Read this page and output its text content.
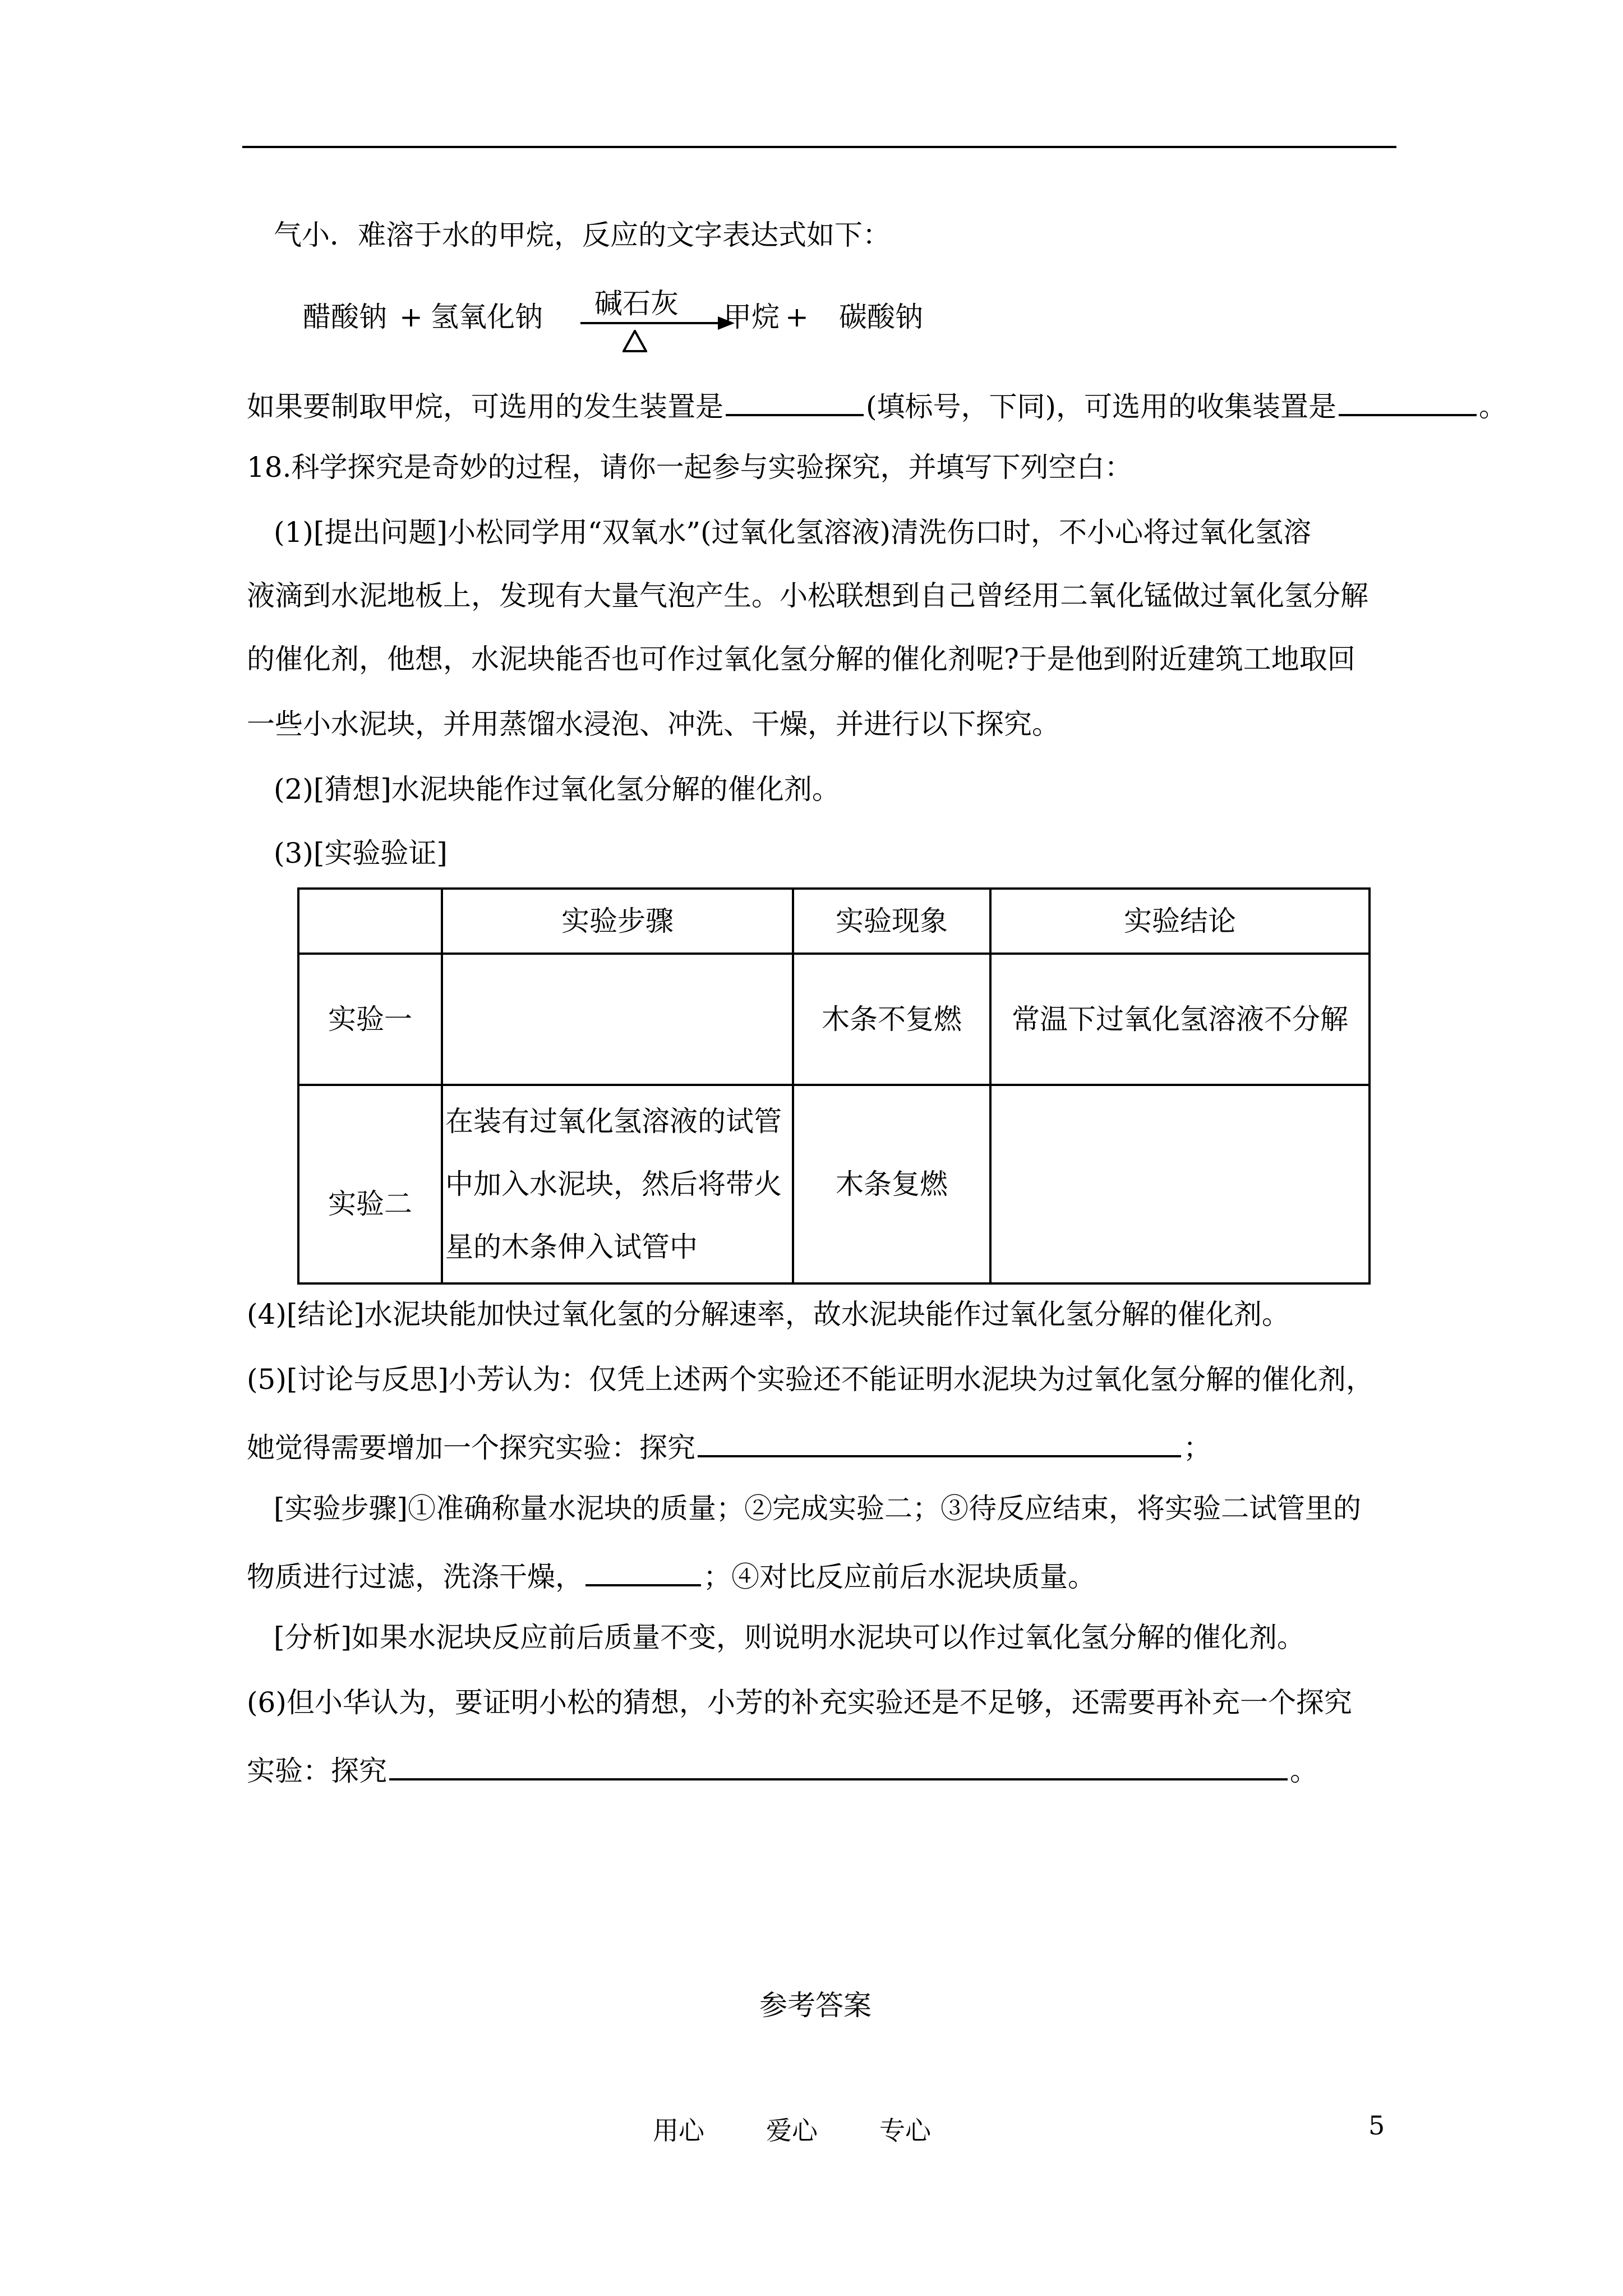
气小．难溶于水的甲烷，反应的文字表达式如下：
醋酸钠 + 氢氧化钠 碱石灰 甲烷 + 碳酸钠
如果要制取甲烷，可选用的发生装置是	(填标号，下同)，可选用的收集装置是	。
18.科学探究是奇妙的过程，请你一起参与实验探究，并填写下列空白：
(1)[提出问题]小松同学用“双氧水”(过氧化氢溶液)清洗伤口时，不小心将过氧化氢溶
液滴到水泥地板上，发现有大量气泡产生。小松联想到自己曾经用二氧化锰做过氧化氢分解
的催化剂，他想，水泥块能否也可作过氧化氢分解的催化剂呢?于是他到附近建筑工地取回
一些小水泥块，并用蒸馏水浸泡、冲洗、干燥，并进行以下探究。
(2)[猜想]水泥块能作过氧化氢分解的催化剂。
(3)[实验验证]
	实验步骤	实验现象	实验结论
实验一		木条不复燃	常温下过氧化氢溶液不分解
实验二	在装有过氧化氢溶液的试管
中加入水泥块，然后将带火
星的木条伸入试管中	木条复燃	
(4)[结论]水泥块能加快过氧化氢的分解速率，故水泥块能作过氧化氢分解的催化剂。
(5)[讨论与反思]小芳认为：仅凭上述两个实验还不能证明水泥块为过氧化氢分解的催化剂，
她觉得需要增加一个探究实验：探究	；
[实验步骤]①准确称量水泥块的质量；②完成实验二；③待反应结束，将实验二试管里的
物质进行过滤，洗涤干燥，	；④对比反应前后水泥块质量。
[分析]如果水泥块反应前后质量不变，则说明水泥块可以作过氧化氢分解的催化剂。
(6)但小华认为，要证明小松的猜想，小芳的补充实验还是不足够，还需要再补充一个探究
实验：探究	。
参考答案
用心 爱心 专心	5
